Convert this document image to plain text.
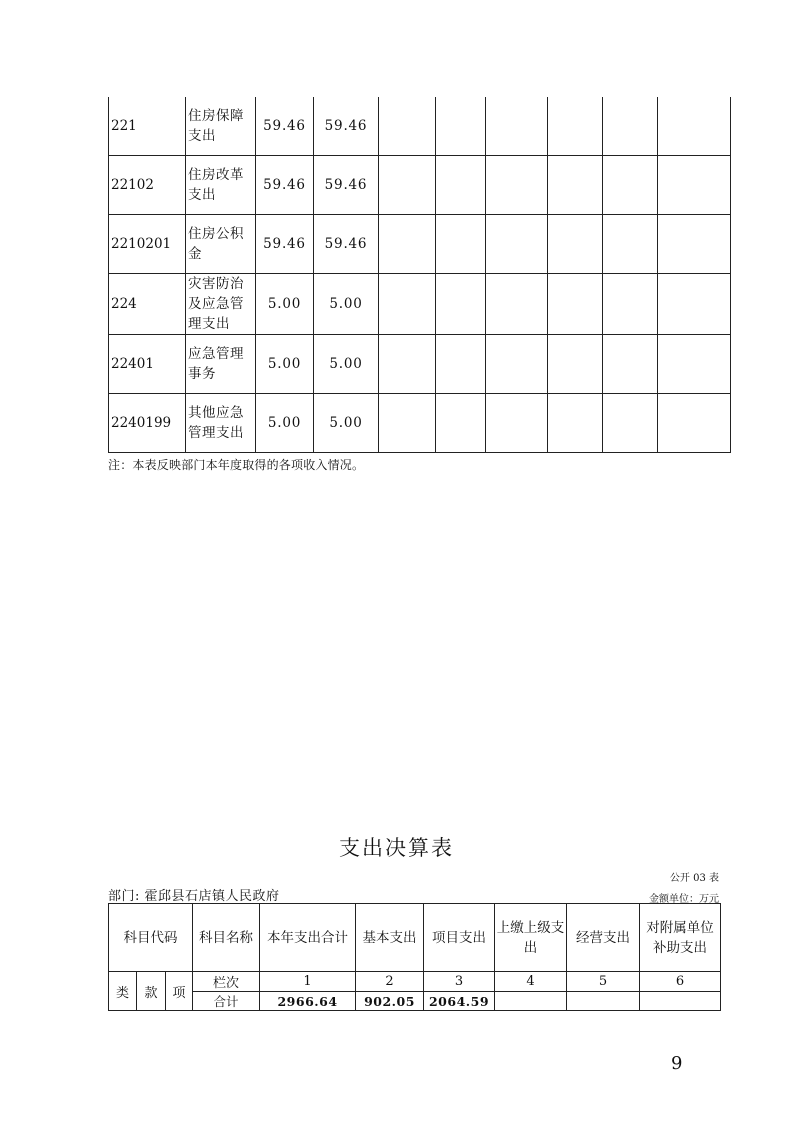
221	住房保障支出	59.46	59.46						
22102	住房改革支出	59.46	59.46						
2210201	住房公积金	59.46	59.46						
224	灾害防治及应急管理支出	5.00	5.00						
22401	应急管理事务	5.00	5.00						
2240199	其他应急管理支出	5.00	5.00						
注：本表反映部门本年度取得的各项收入情况。
支出决算表
公开 03 表
部门: 霍邱县石店镇人民政府	金额单位：万元
科目代码			科目名称	本年支出合计	基本支出	项目支出	上缴上级支出	经营支出	对附属单位补助支出
类	款	项	栏次	1	2	3	4	5	6
			合计	2966.64	902.05	2064.59			
9
